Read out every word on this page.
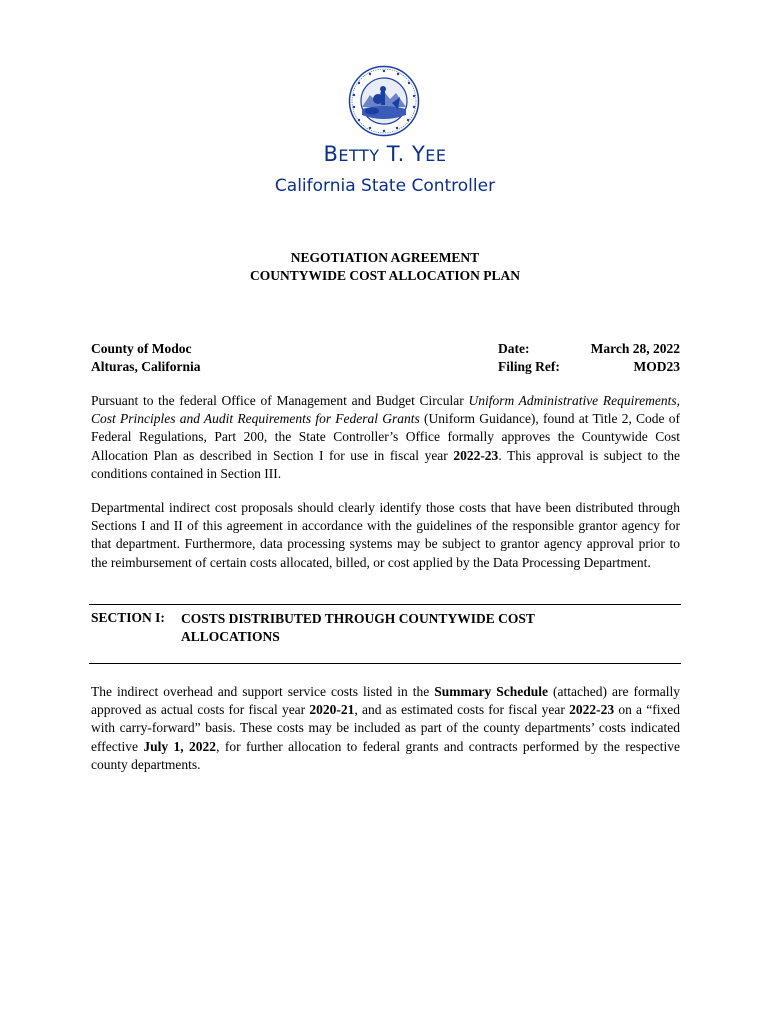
BETTY T. YEE
California State Controller
NEGOTIATION AGREEMENT
COUNTYWIDE COST ALLOCATION PLAN
County of Modoc
Alturas, California
Date:
Filing Ref:
March 28, 2022
MOD23
Pursuant to the federal Office of Management and Budget Circular Uniform Administrative Requirements, Cost Principles and Audit Requirements for Federal Grants (Uniform Guidance), found at Title 2, Code of Federal Regulations, Part 200, the State Controller’s Office formally approves the Countywide Cost Allocation Plan as described in Section I for use in fiscal year 2022-23. This approval is subject to the conditions contained in Section III.
Departmental indirect cost proposals should clearly identify those costs that have been distributed through Sections I and II of this agreement in accordance with the guidelines of the responsible grantor agency for that department. Furthermore, data processing systems may be subject to grantor agency approval prior to the reimbursement of certain costs allocated, billed, or cost applied by the Data Processing Department.
SECTION I: COSTS DISTRIBUTED THROUGH COUNTYWIDE COST
ALLOCATIONS
The indirect overhead and support service costs listed in the Summary Schedule (attached) are formally approved as actual costs for fiscal year 2020-21, and as estimated costs for fiscal year 2022-23 on a “fixed with carry-forward” basis. These costs may be included as part of the county departments’ costs indicated effective July 1, 2022, for further allocation to federal grants and contracts performed by the respective county departments.
